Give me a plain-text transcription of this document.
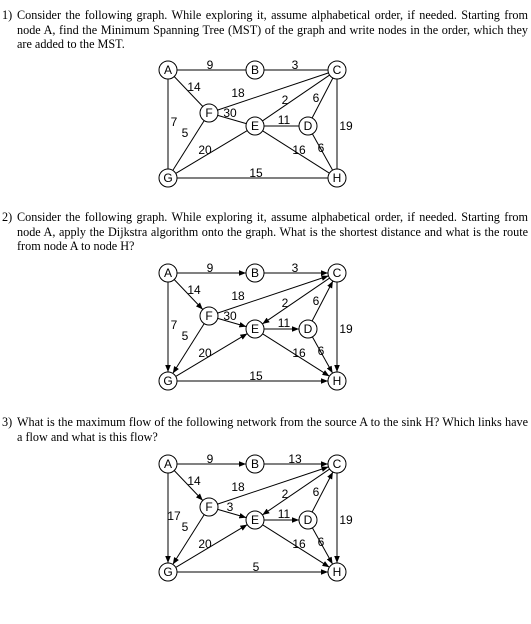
1) Consider the following graph. While exploring it, assume alphabetical order, if needed. Starting from node A, find the Minimum Spanning Tree (MST) of the graph and write nodes in the order, which they are added to the MST.
9	3
14
7
18
30
5
2
11
20	16
6
6
19
15
A	B	C
D
E
F
G	H
2) Consider the following graph. While exploring it, assume alphabetical order, if needed. Starting from node A, apply the Dijkstra algorithm onto the graph. What is the shortest distance and what is the route from node A to node H?
9	3
14
7
18
30
5
2
11
20	16
6
6
19
15
A	B	C
D
E
F
G	H
3) What is the maximum flow of the following network from the source A to the sink H? Which links have a flow and what is this flow?
9	13
14
17
18
3
5
2
11
20	16
6
6
19
5
A	B	C
D
E
F
G	H
